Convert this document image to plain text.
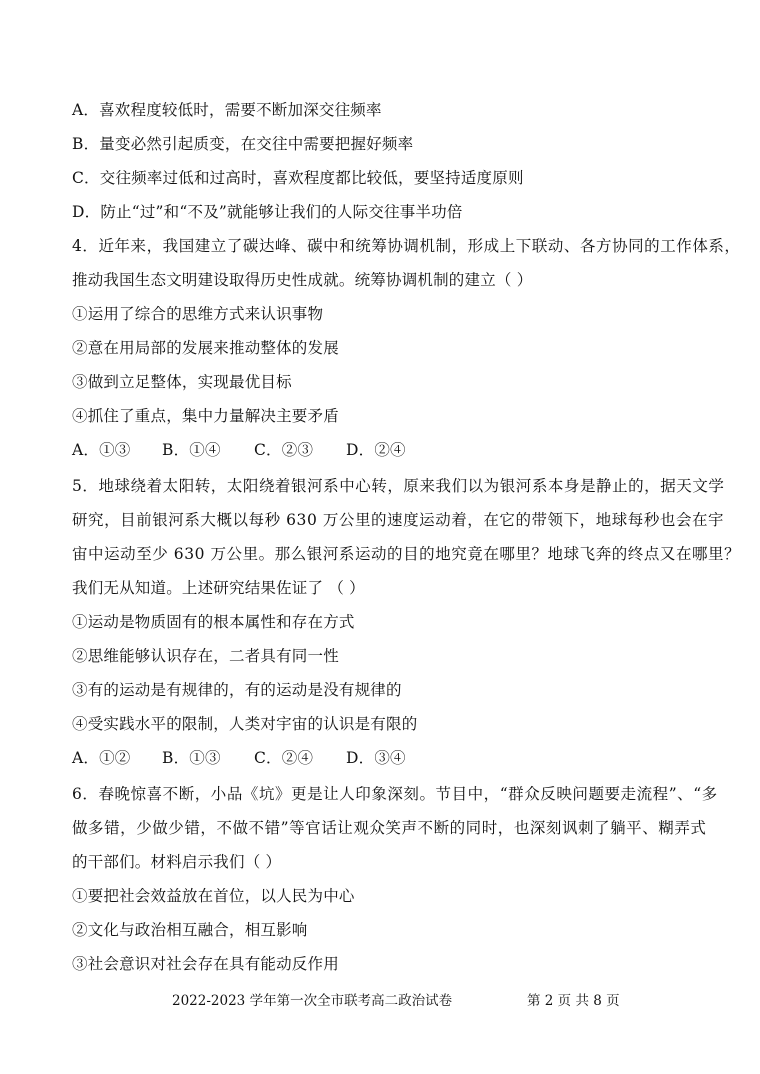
A．喜欢程度较低时，需要不断加深交往频率
B．量变必然引起质变，在交往中需要把握好频率
C．交往频率过低和过高时，喜欢程度都比较低，要坚持适度原则
D．防止“过”和“不及”就能够让我们的人际交往事半功倍
4．近年来，我国建立了碳达峰、碳中和统筹协调机制，形成上下联动、各方协同的工作体系，
推动我国生态文明建设取得历史性成就。统筹协调机制的建立（ ）
①运用了综合的思维方式来认识事物
②意在用局部的发展来推动整体的发展
③做到立足整体，实现最优目标
④抓住了重点，集中力量解决主要矛盾
A．①③ B．①④ C．②③ D．②④
5．地球绕着太阳转，太阳绕着银河系中心转，原来我们以为银河系本身是静止的，据天文学
研究，目前银河系大概以每秒 630 万公里的速度运动着，在它的带领下，地球每秒也会在宇
宙中运动至少 630 万公里。那么银河系运动的目的地究竟在哪里？地球飞奔的终点又在哪里？
我们无从知道。上述研究结果佐证了 （ ）
①运动是物质固有的根本属性和存在方式
②思维能够认识存在，二者具有同一性
③有的运动是有规律的，有的运动是没有规律的
④受实践水平的限制，人类对宇宙的认识是有限的
A．①② B．①③ C．②④ D．③④
6．春晚惊喜不断，小品《坑》更是让人印象深刻。节目中，“群众反映问题要走流程”、“多
做多错，少做少错，不做不错”等官话让观众笑声不断的同时，也深刻讽刺了躺平、糊弄式
的干部们。材料启示我们（ ）
①要把社会效益放在首位，以人民为中心
②文化与政治相互融合，相互影响
③社会意识对社会存在具有能动反作用
2022-2023 学年第一次全市联考高二政治试卷	第 2 页 共 8 页
